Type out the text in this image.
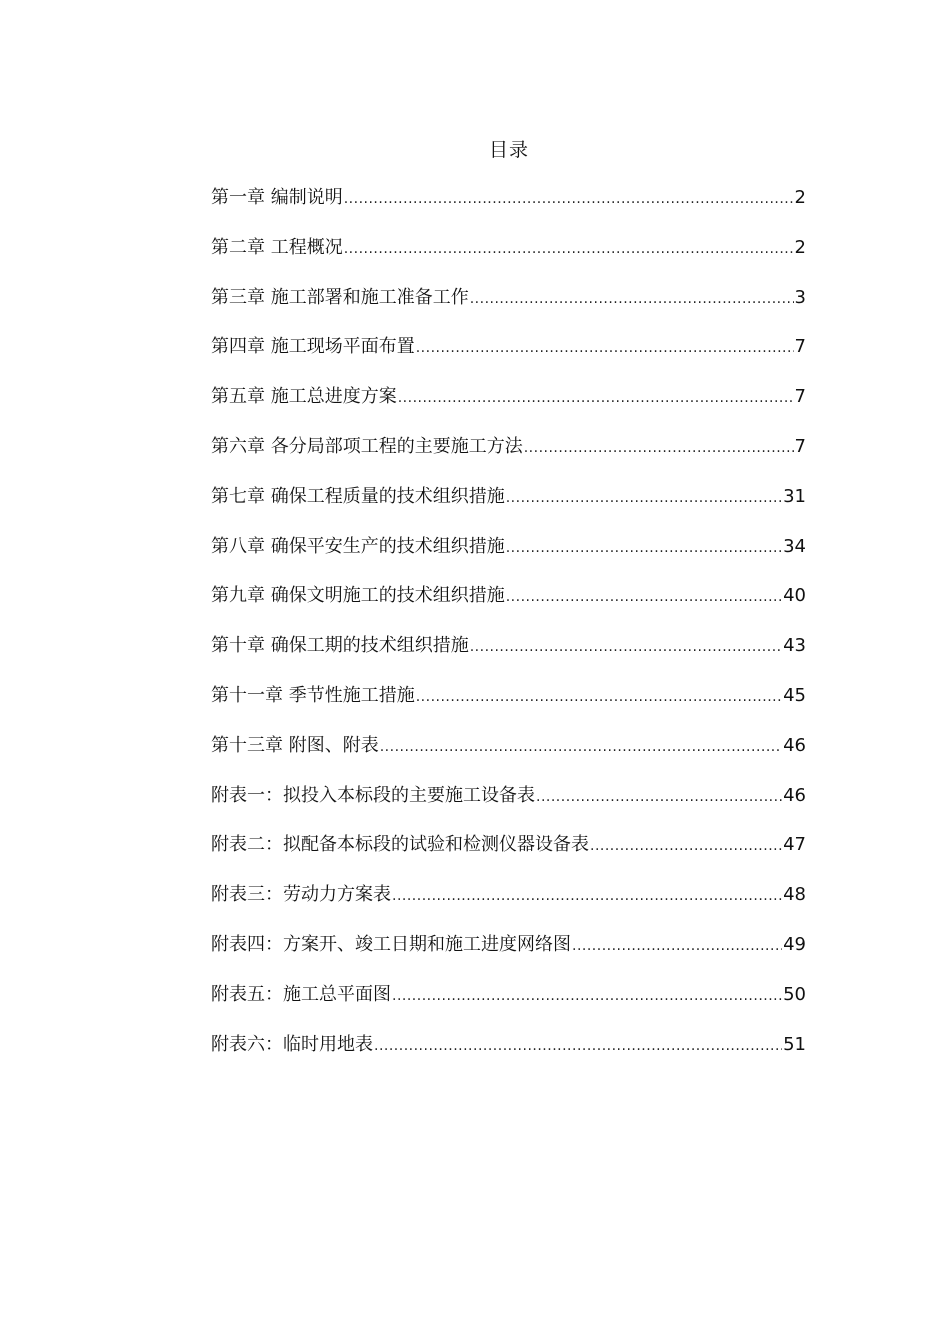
目录
第一章 编制说明 .....	2
第二章 工程概况 .....	2
第三章 施工部署和施工准备工作 .....	3
第四章 施工现场平面布置 .....	7
第五章 施工总进度方案 .....	7
第六章 各分局部项工程的主要施工方法 .....	7
第七章 确保工程质量的技术组织措施 .....	31
第八章 确保平安生产的技术组织措施 .....	34
第九章 确保文明施工的技术组织措施 .....	40
第十章 确保工期的技术组织措施 .....	43
第十一章 季节性施工措施 .....	45
第十三章 附图、附表 .....	46
附表一：拟投入本标段的主要施工设备表 .....	46
附表二：拟配备本标段的试验和检测仪器设备表 .....	47
附表三：劳动力方案表 .....	48
附表四：方案开、竣工日期和施工进度网络图 .....	49
附表五：施工总平面图 .....	50
附表六：临时用地表 .....	51
